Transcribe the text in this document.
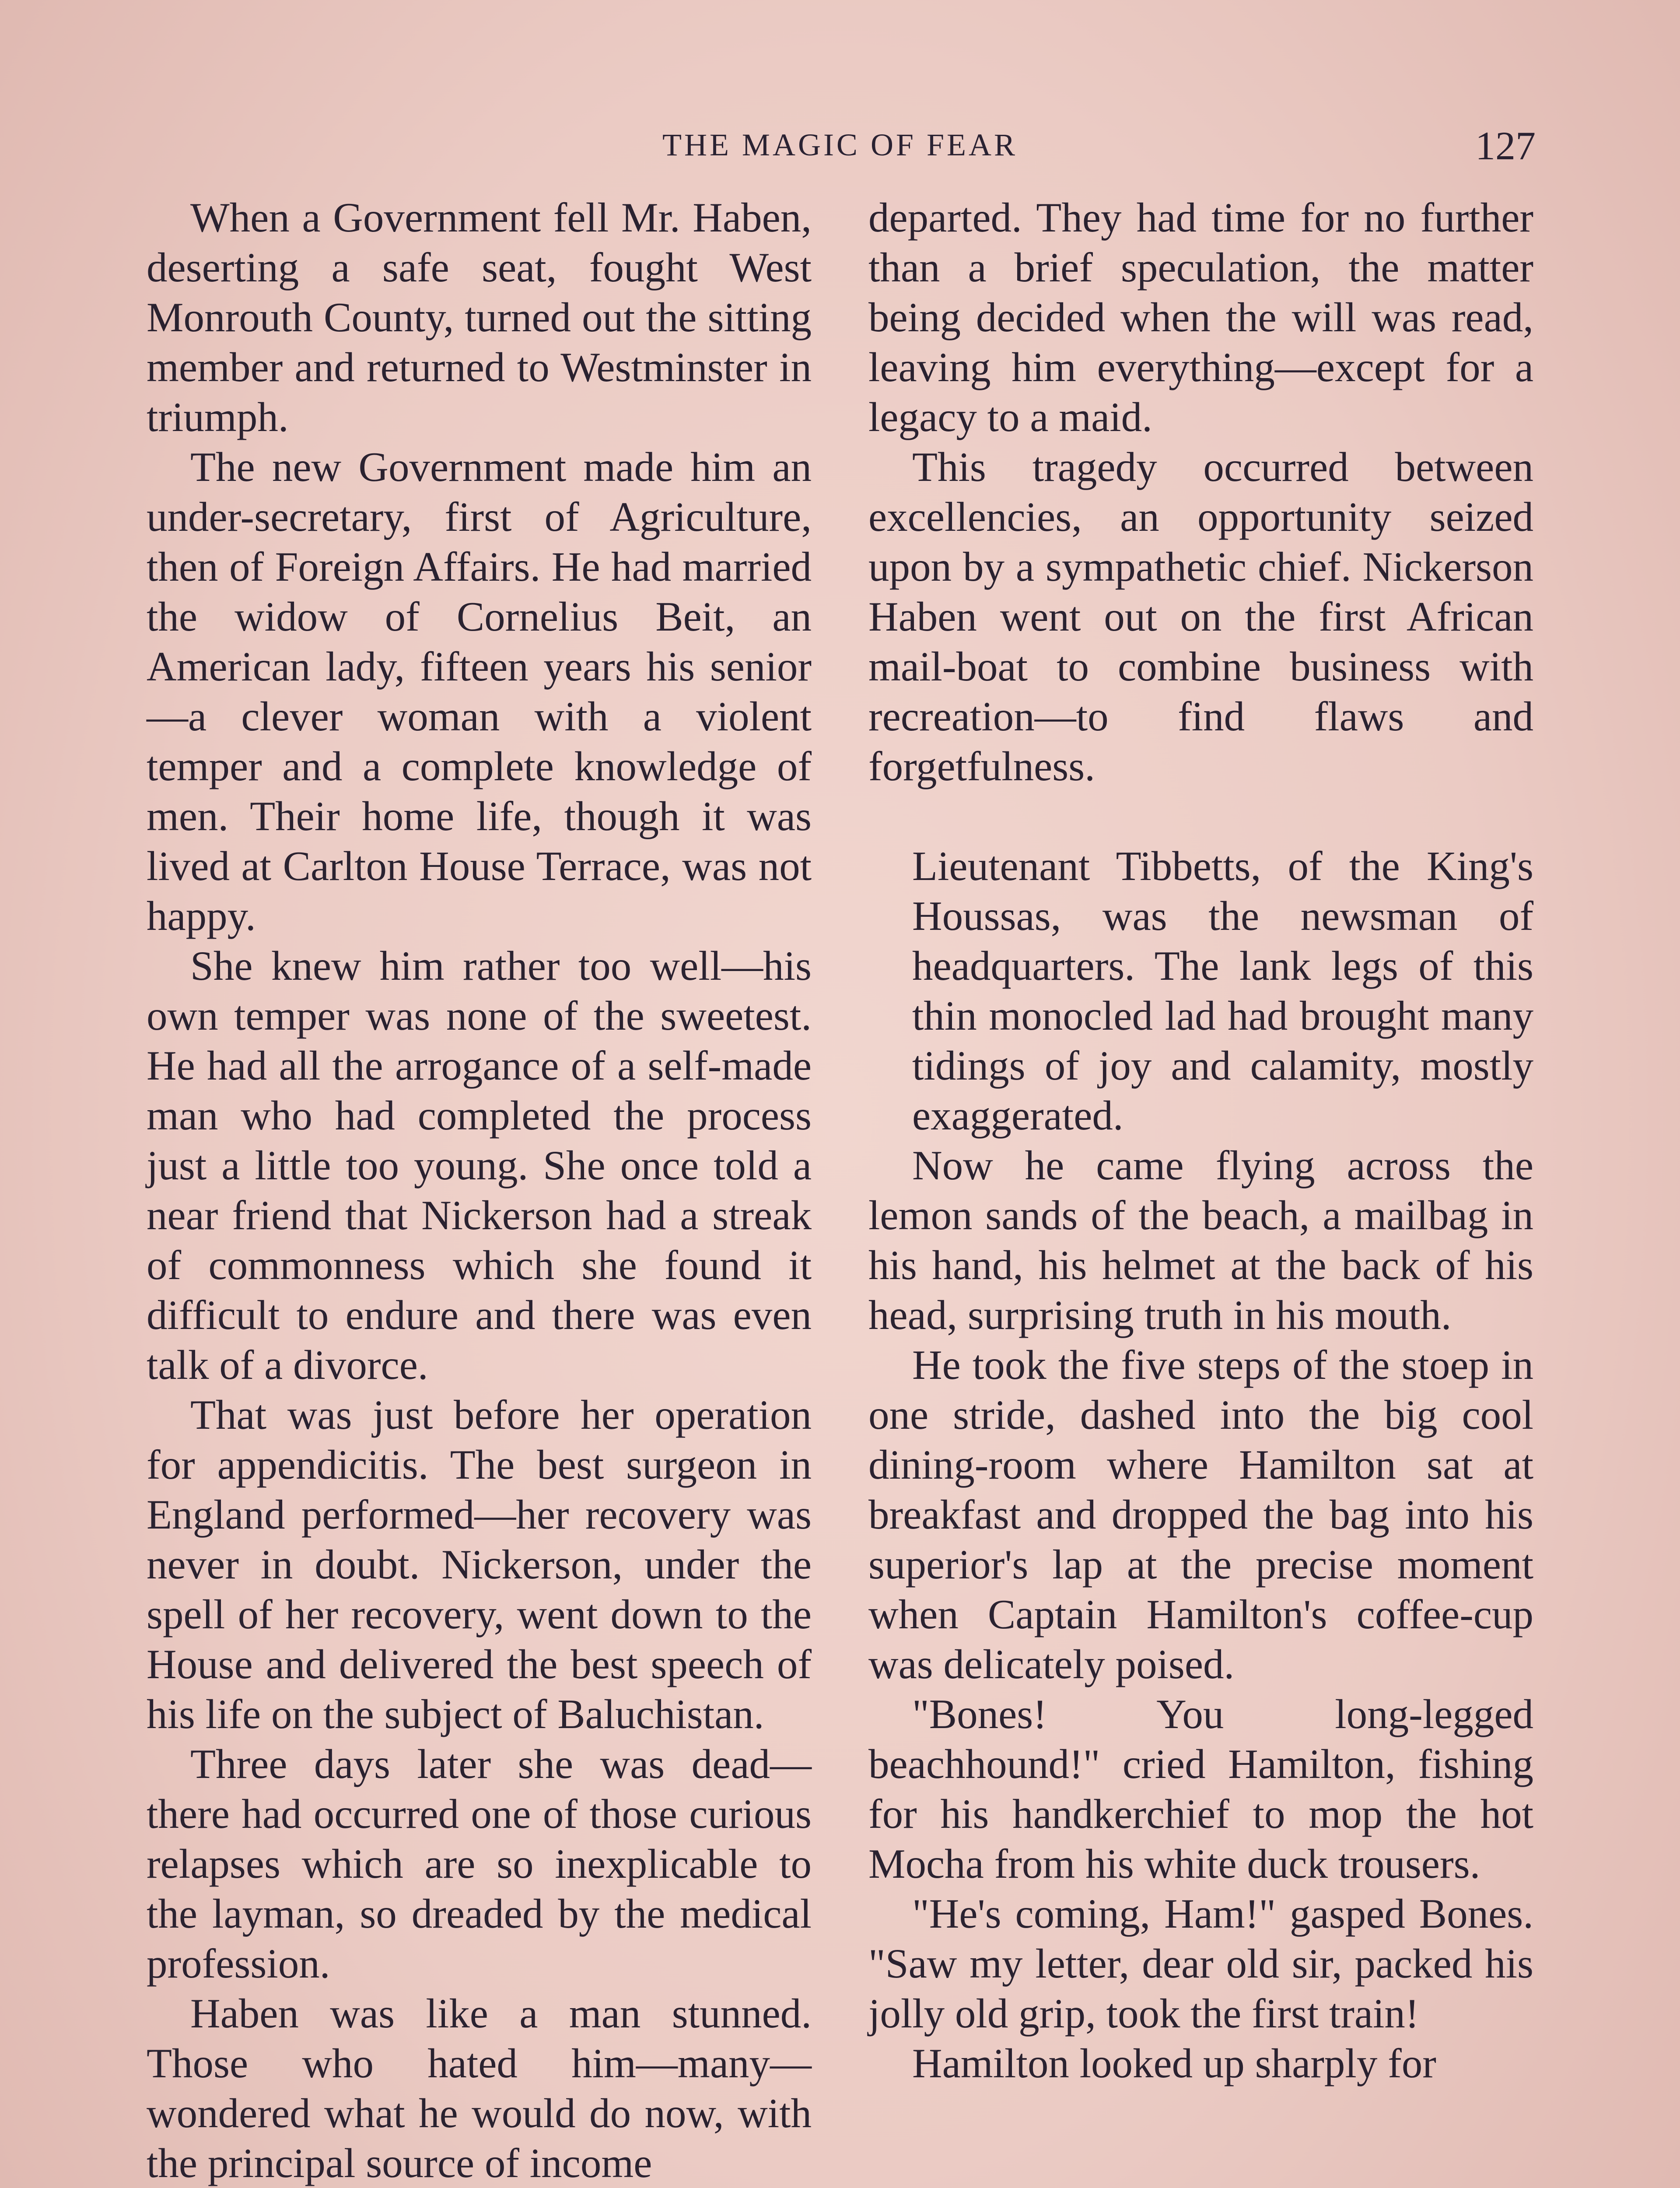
THE MAGIC OF FEAR	127

When a Government fell Mr. Haben, deserting a safe seat, fought West Monrouth County, turned out the sitting member and returned to Westminster in triumph.

The new Government made him an under-secretary, first of Agriculture, then of Foreign Affairs. He had married the widow of Cornelius Beit, an American lady, fifteen years his senior—a clever woman with a violent temper and a complete knowledge of men. Their home life, though it was lived at Carlton House Terrace, was not happy.

She knew him rather too well—his own temper was none of the sweetest. He had all the arrogance of a self-made man who had completed the process just a little too young. She once told a near friend that Nickerson had a streak of commonness which she found it difficult to endure and there was even talk of a divorce.

That was just before her operation for appendicitis. The best surgeon in England performed—her recovery was never in doubt. Nickerson, under the spell of her recovery, went down to the House and delivered the best speech of his life on the subject of Baluchistan.

Three days later she was dead—there had occurred one of those curious relapses which are so inexplicable to the layman, so dreaded by the medical profession.

Haben was like a man stunned. Those who hated him—many—wondered what he would do now, with the principal source of income

departed. They had time for no further than a brief speculation, the matter being decided when the will was read, leaving him everything—except for a legacy to a maid.

This tragedy occurred between excellencies, an opportunity seized upon by a sympathetic chief. Nickerson Haben went out on the first African mail-boat to combine business with recreation—to find flaws and forgetfulness.

Lieutenant Tibbetts, of the King's Houssas, was the newsman of headquarters. The lank legs of this thin monocled lad had brought many tidings of joy and calamity, mostly exaggerated.

Now he came flying across the lemon sands of the beach, a mailbag in his hand, his helmet at the back of his head, surprising truth in his mouth.

He took the five steps of the stoep in one stride, dashed into the big cool dining-room where Hamilton sat at breakfast and dropped the bag into his superior's lap at the precise moment when Captain Hamilton's coffee-cup was delicately poised.

"Bones! You long-legged beachhound!" cried Hamilton, fishing for his handkerchief to mop the hot Mocha from his white duck trousers.

"He's coming, Ham!" gasped Bones. "Saw my letter, dear old sir, packed his jolly old grip, took the first train!

Hamilton looked up sharply for
